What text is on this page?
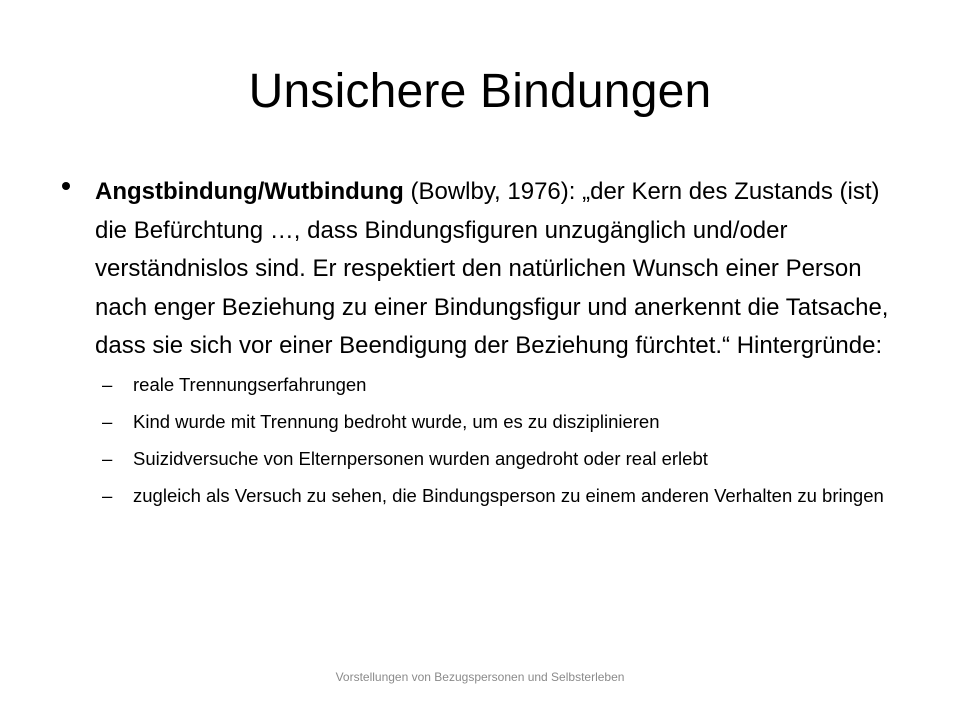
Unsichere Bindungen
Angstbindung/Wutbindung (Bowlby, 1976): „der Kern des Zustands (ist) die Befürchtung …, dass Bindungsfiguren unzugänglich und/oder verständnislos sind. Er respektiert den natürlichen Wunsch einer Person nach enger Beziehung zu einer Bindungsfigur und anerkennt die Tatsache, dass sie sich vor einer Beendigung der Beziehung fürchtet.“ Hintergründe:
– reale Trennungserfahrungen
– Kind wurde mit Trennung bedroht wurde, um es zu disziplinieren
– Suizidversuche von Elternpersonen wurden angedroht oder real erlebt
– zugleich als Versuch zu sehen, die Bindungsperson zu einem anderen Verhalten zu bringen
Vorstellungen von Bezugspersonen und Selbsterleben
